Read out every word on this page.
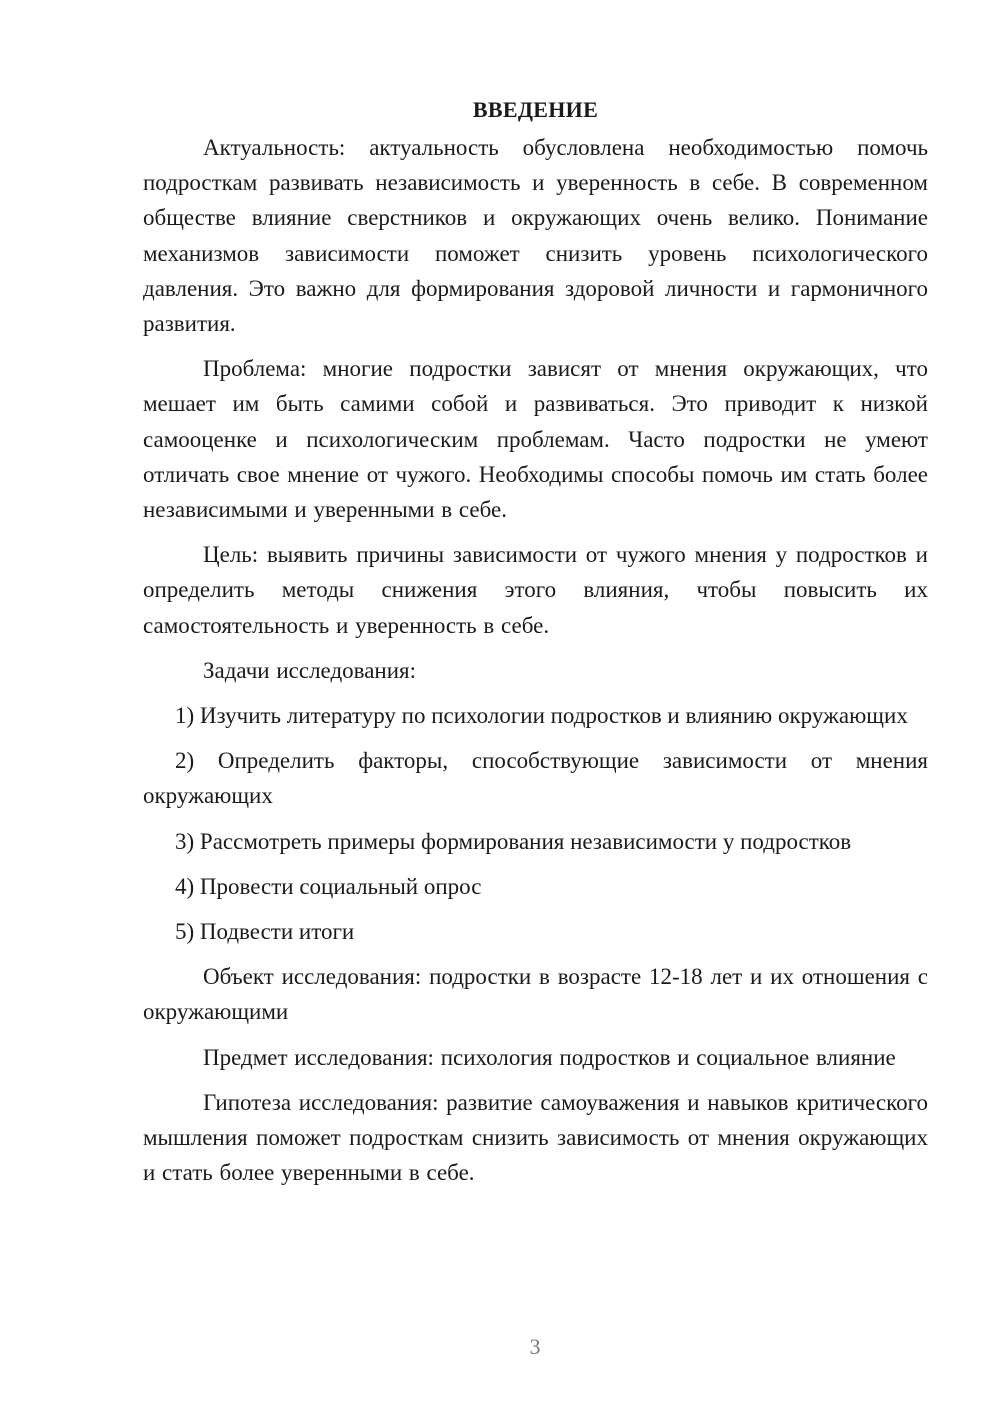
ВВЕДЕНИЕ

Актуальность: актуальность обусловлена необходимостью помочь подросткам развивать независимость и уверенность в себе. В современном обществе влияние сверстников и окружающих очень велико. Понимание механизмов зависимости поможет снизить уровень психологического давления. Это важно для формирования здоровой личности и гармоничного развития.

Проблема: многие подростки зависят от мнения окружающих, что мешает им быть самими собой и развиваться. Это приводит к низкой самооценке и психологическим проблемам. Часто подростки не умеют отличать свое мнение от чужого. Необходимы способы помочь им стать более независимыми и уверенными в себе.

Цель: выявить причины зависимости от чужого мнения у подростков и определить методы снижения этого влияния, чтобы повысить их самостоятельность и уверенность в себе.

Задачи исследования:

1) Изучить литературу по психологии подростков и влиянию окружающих

2) Определить факторы, способствующие зависимости от мнения окружающих

3) Рассмотреть примеры формирования независимости у подростков

4) Провести социальный опрос

5) Подвести итоги

Объект исследования: подростки в возрасте 12-18 лет и их отношения с окружающими

Предмет исследования: психология подростков и социальное влияние

Гипотеза исследования: развитие самоуважения и навыков критического мышления поможет подросткам снизить зависимость от мнения окружающих и стать более уверенными в себе.

3
